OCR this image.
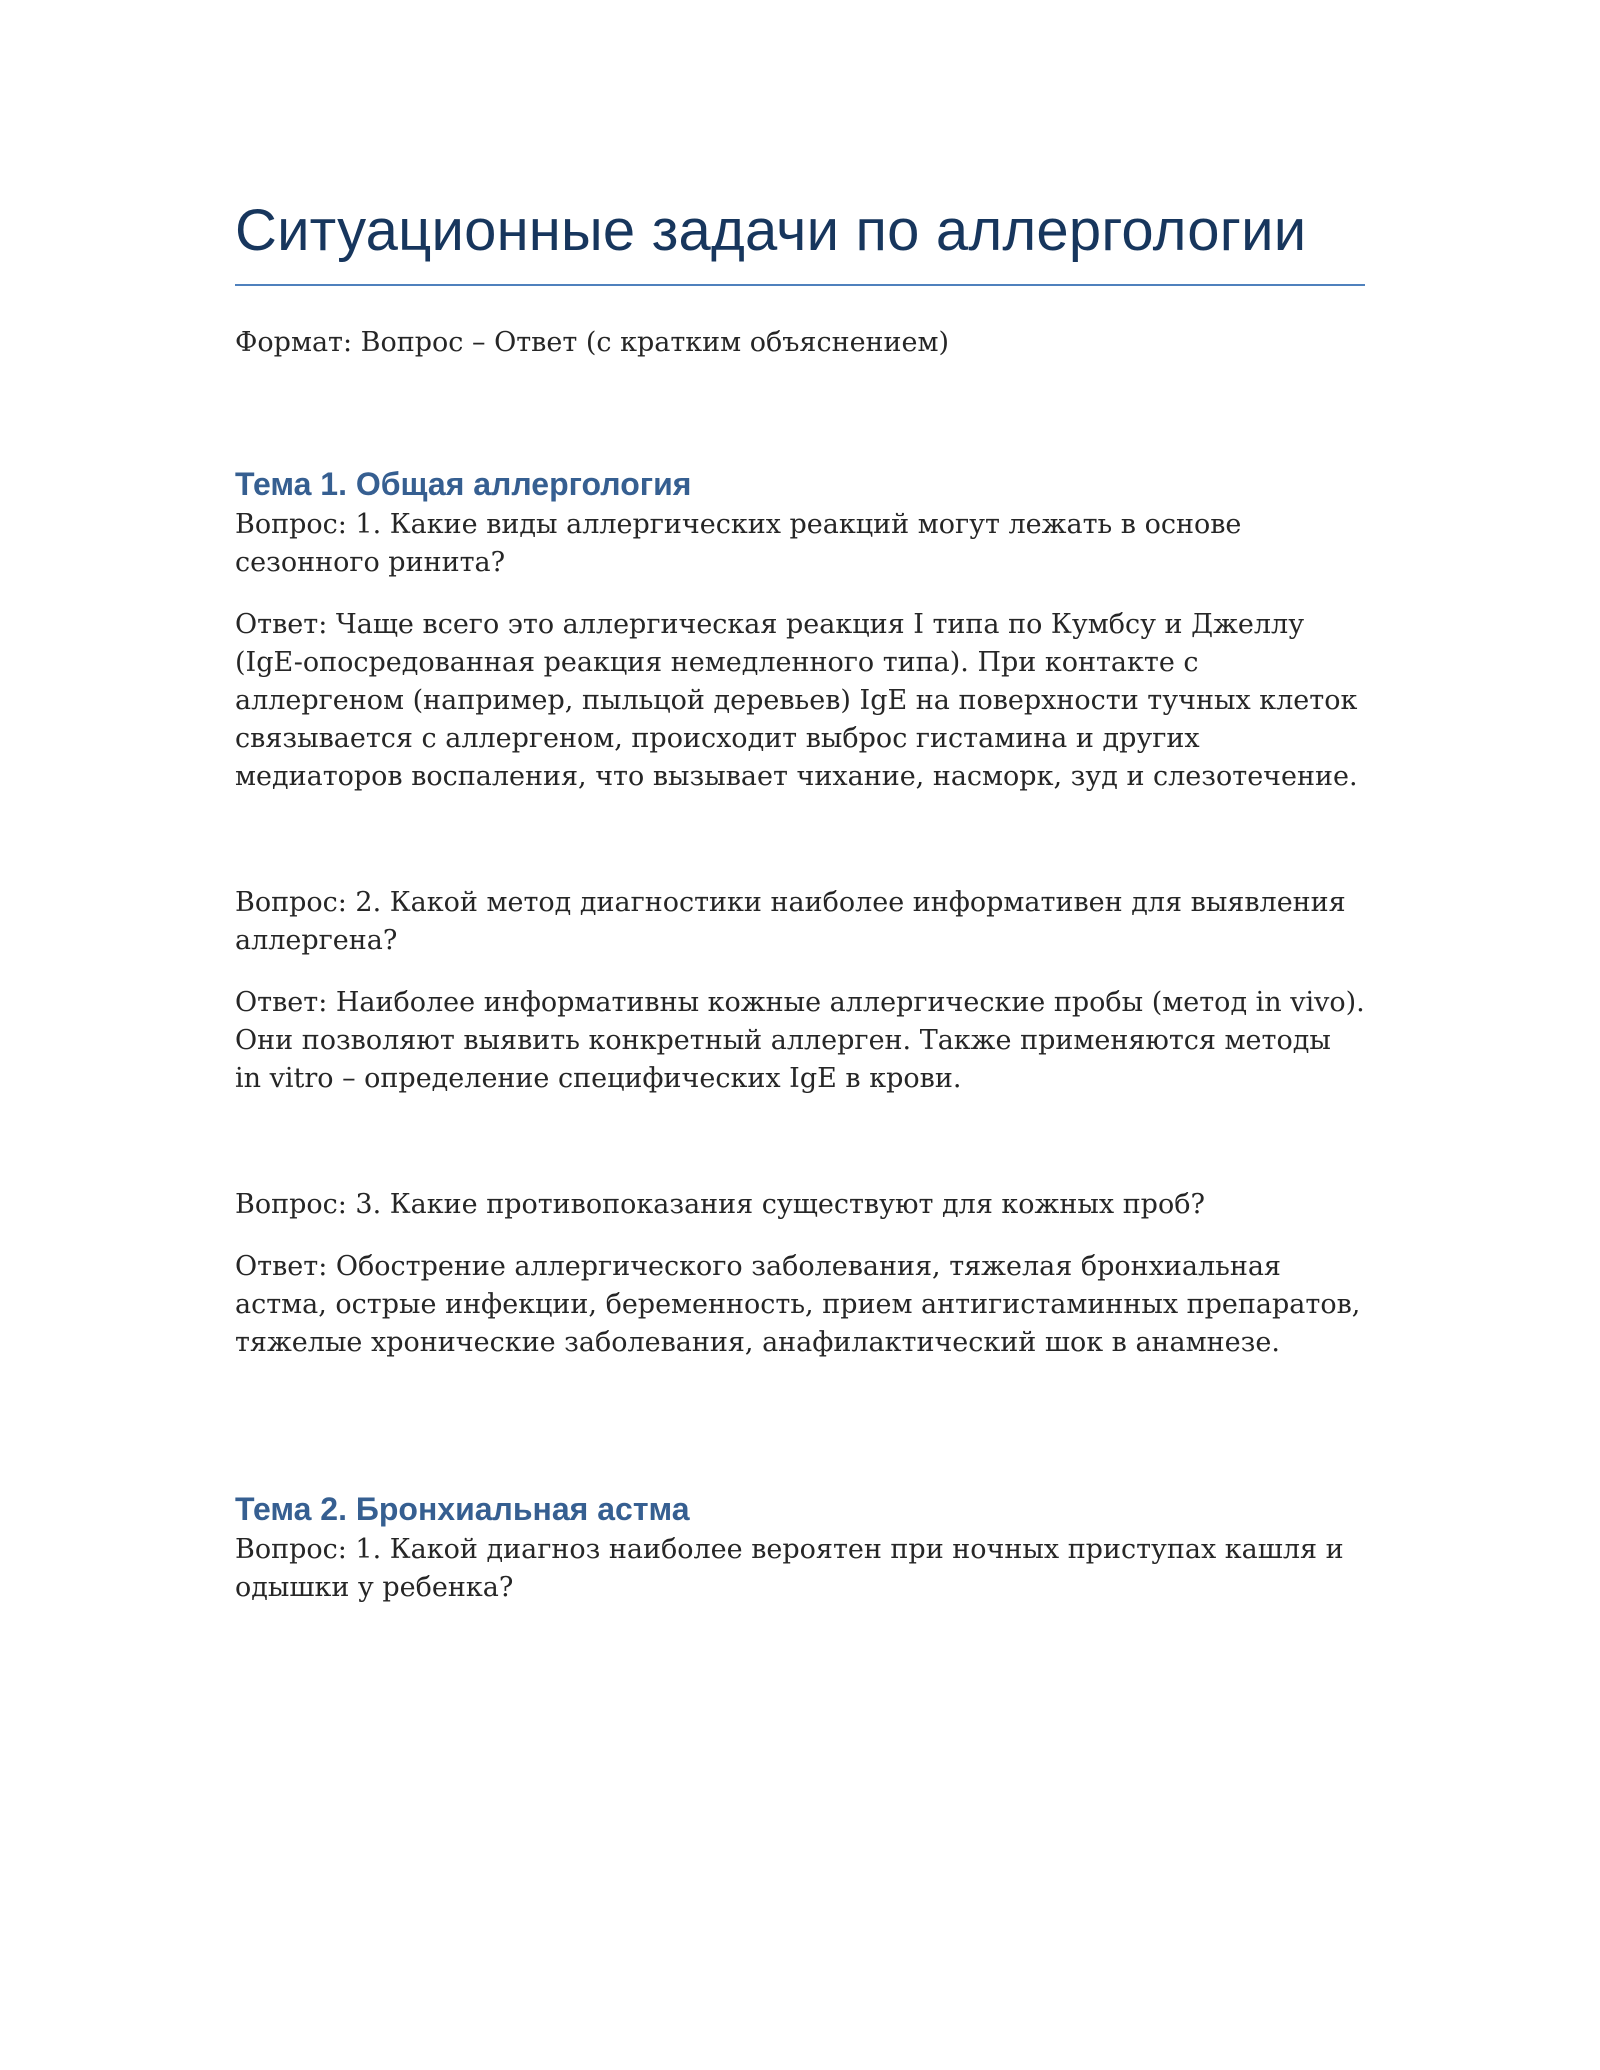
Ситуационные задачи по аллергологии

Формат: Вопрос – Ответ (с кратким объяснением)

Тема 1. Общая аллергология

Вопрос: 1. Какие виды аллергических реакций могут лежать в основе сезонного ринита?

Ответ: Чаще всего это аллергическая реакция I типа по Кумбсу и Джеллу (IgE-опосредованная реакция немедленного типа). При контакте с аллергеном (например, пыльцой деревьев) IgE на поверхности тучных клеток связывается с аллергеном, происходит выброс гистамина и других медиаторов воспаления, что вызывает чихание, насморк, зуд и слезотечение.

Вопрос: 2. Какой метод диагностики наиболее информативен для выявления аллергена?

Ответ: Наиболее информативны кожные аллергические пробы (метод in vivo). Они позволяют выявить конкретный аллерген. Также применяются методы in vitro – определение специфических IgE в крови.

Вопрос: 3. Какие противопоказания существуют для кожных проб?

Ответ: Обострение аллергического заболевания, тяжелая бронхиальная астма, острые инфекции, беременность, прием антигистаминных препаратов, тяжелые хронические заболевания, анафилактический шок в анамнезе.

Тема 2. Бронхиальная астма

Вопрос: 1. Какой диагноз наиболее вероятен при ночных приступах кашля и одышки у ребенка?
